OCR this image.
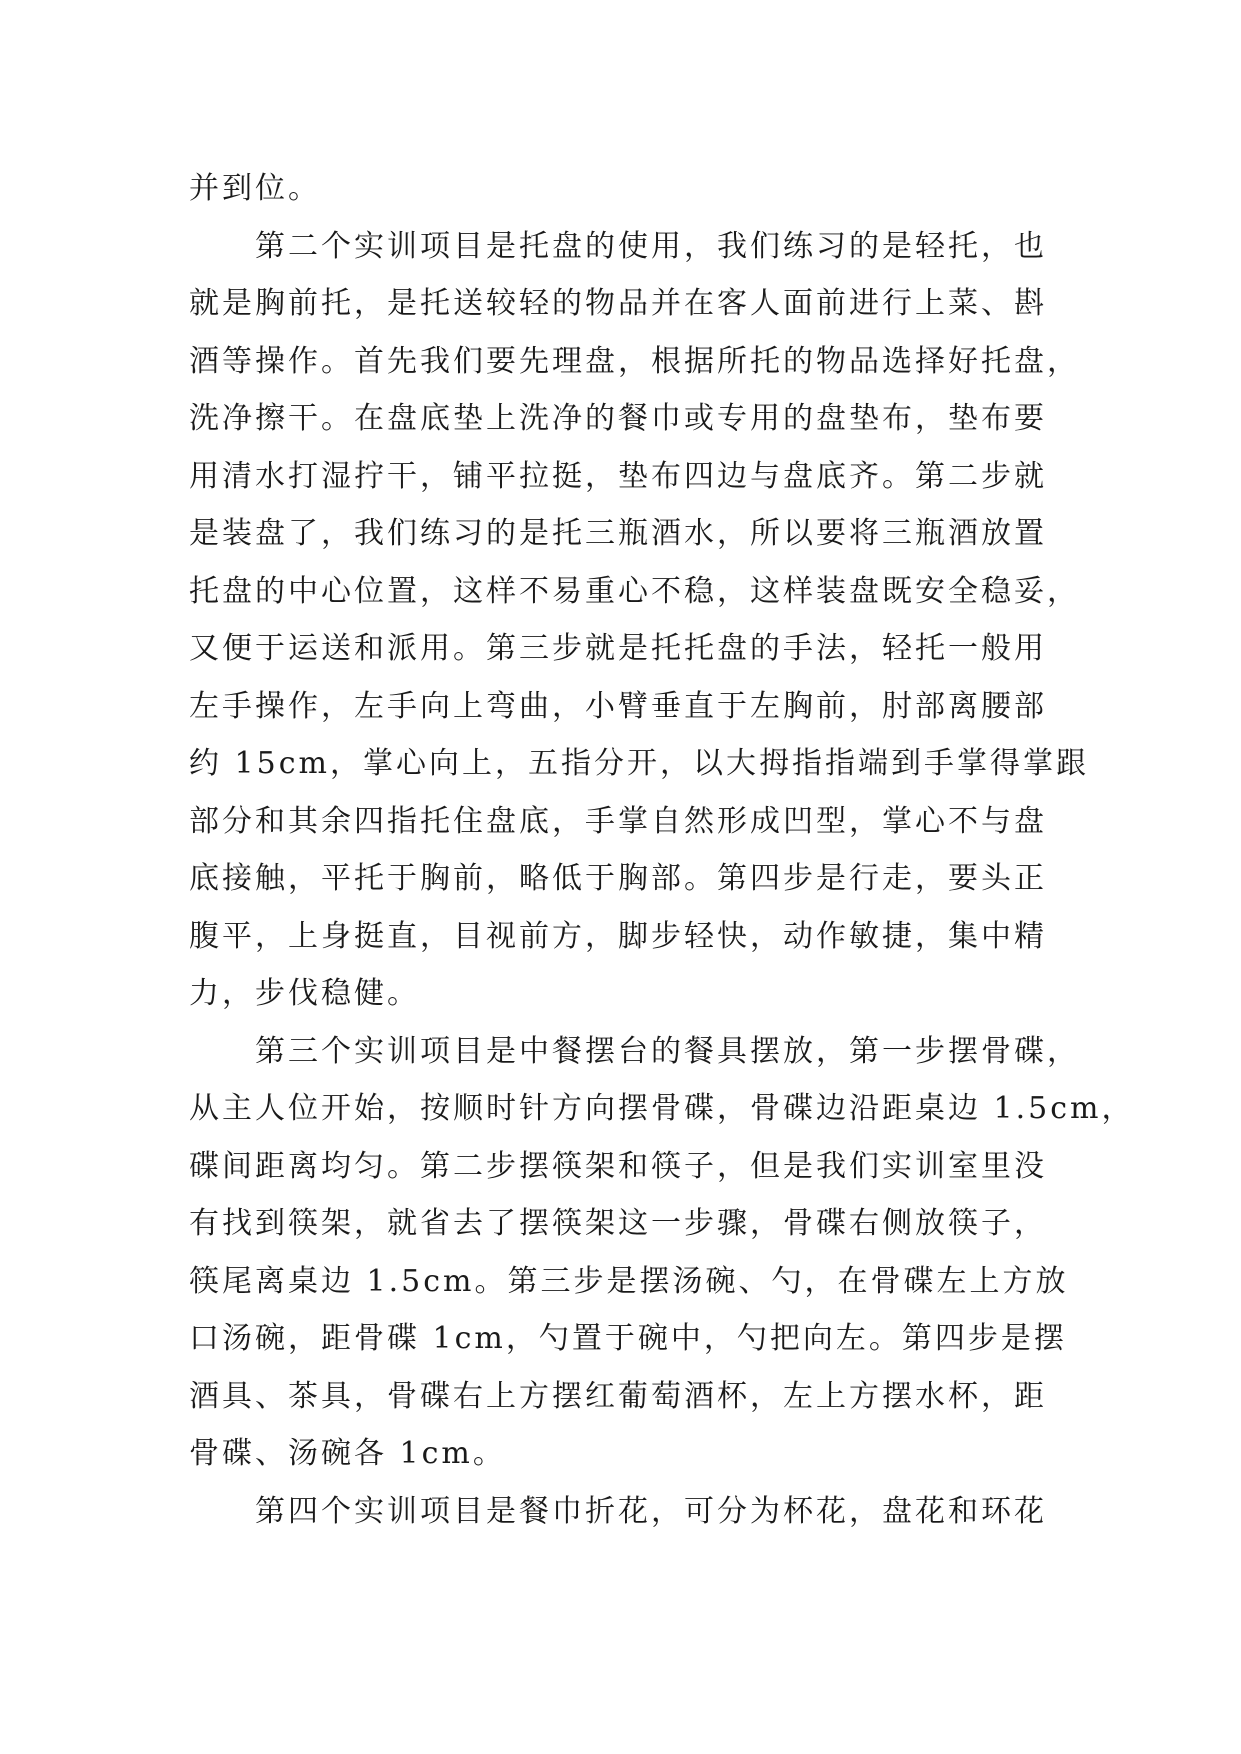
并到位。
第二个实训项目是托盘的使用，我们练习的是轻托，也
就是胸前托，是托送较轻的物品并在客人面前进行上菜、斟
酒等操作。首先我们要先理盘，根据所托的物品选择好托盘，
洗净擦干。在盘底垫上洗净的餐巾或专用的盘垫布，垫布要
用清水打湿拧干，铺平拉挺，垫布四边与盘底齐。第二步就
是装盘了，我们练习的是托三瓶酒水，所以要将三瓶酒放置
托盘的中心位置，这样不易重心不稳，这样装盘既安全稳妥，
又便于运送和派用。第三步就是托托盘的手法，轻托一般用
左手操作，左手向上弯曲，小臂垂直于左胸前，肘部离腰部
约 15cm，掌心向上，五指分开，以大拇指指端到手掌得掌跟
部分和其余四指托住盘底，手掌自然形成凹型，掌心不与盘
底接触，平托于胸前，略低于胸部。第四步是行走，要头正
腹平，上身挺直，目视前方，脚步轻快，动作敏捷，集中精
力，步伐稳健。
第三个实训项目是中餐摆台的餐具摆放，第一步摆骨碟，
从主人位开始，按顺时针方向摆骨碟，骨碟边沿距桌边 1.5cm，
碟间距离均匀。第二步摆筷架和筷子，但是我们实训室里没
有找到筷架，就省去了摆筷架这一步骤，骨碟右侧放筷子，
筷尾离桌边 1.5cm。第三步是摆汤碗、勺，在骨碟左上方放
口汤碗，距骨碟 1cm，勺置于碗中，勺把向左。第四步是摆
酒具、茶具，骨碟右上方摆红葡萄酒杯，左上方摆水杯，距
骨碟、汤碗各 1cm。
第四个实训项目是餐巾折花，可分为杯花，盘花和环花
